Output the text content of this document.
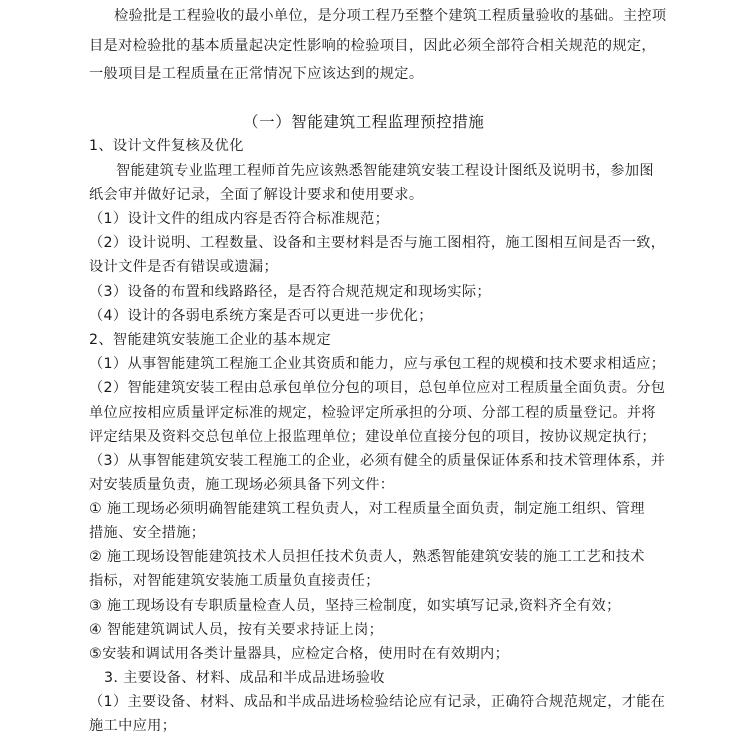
检验批是工程验收的最小单位，是分项工程乃至整个建筑工程质量验收的基础。主控项
目是对检验批的基本质量起决定性影响的检验项目，因此必须全部符合相关规范的规定，
一般项目是工程质量在正常情况下应该达到的规定。
（一）智能建筑工程监理预控措施
1、设计文件复核及优化
智能建筑专业监理工程师首先应该熟悉智能建筑安装工程设计图纸及说明书，参加图
纸会审并做好记录，全面了解设计要求和使用要求。
（1）设计文件的组成内容是否符合标准规范；
（2）设计说明、工程数量、设备和主要材料是否与施工图相符，施工图相互间是否一致，
设计文件是否有错误或遗漏；
（3）设备的布置和线路路径，是否符合规范规定和现场实际；
（4）设计的各弱电系统方案是否可以更进一步优化；
2、智能建筑安装施工企业的基本规定
（1）从事智能建筑工程施工企业其资质和能力，应与承包工程的规模和技术要求相适应；
（2）智能建筑安装工程由总承包单位分包的项目，总包单位应对工程质量全面负责。分包
单位应按相应质量评定标准的规定，检验评定所承担的分项、分部工程的质量登记。并将
评定结果及资料交总包单位上报监理单位；建设单位直接分包的项目，按协议规定执行；
（3）从事智能建筑安装工程施工的企业，必须有健全的质量保证体系和技术管理体系，并
对安装质量负责，施工现场必须具备下列文件：
① 施工现场必须明确智能建筑工程负责人，对工程质量全面负责，制定施工组织、管理
措施、安全措施；
② 施工现场设智能建筑技术人员担任技术负责人，熟悉智能建筑安装的施工工艺和技术
指标，对智能建筑安装施工质量负直接责任；
③ 施工现场设有专职质量检查人员，坚持三检制度，如实填写记录,资料齐全有效；
④ 智能建筑调试人员，按有关要求持证上岗；
⑤安装和调试用各类计量器具，应检定合格，使用时在有效期内；
3. 主要设备、材料、成品和半成品进场验收
（1）主要设备、材料、成品和半成品进场检验结论应有记录，正确符合规范规定，才能在
施工中应用；
